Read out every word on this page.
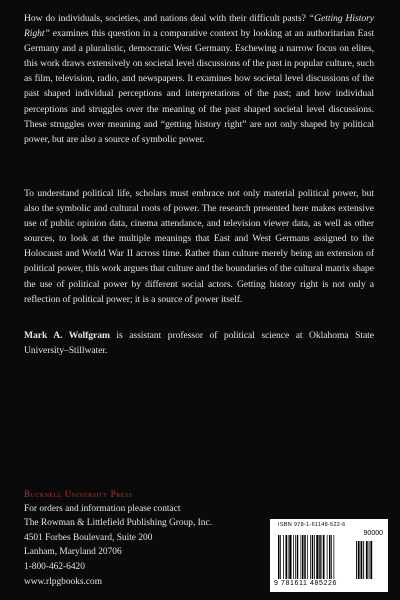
How do individuals, societies, and nations deal with their difficult pasts? “Getting History Right” examines this question in a comparative context by looking at an authoritarian East Germany and a pluralistic, democratic West Germany. Eschewing a narrow focus on elites, this work draws extensively on societal level discussions of the past in popular culture, such as film, television, radio, and newspapers. It examines how societal level discussions of the past shaped individual perceptions and interpretations of the past; and how individual perceptions and struggles over the meaning of the past shaped societal level discussions. These struggles over meaning and “getting history right” are not only shaped by political power, but are also a source of symbolic power.

To understand political life, scholars must embrace not only material political power, but also the symbolic and cultural roots of power. The research presented here makes extensive use of public opinion data, cinema attendance, and television viewer data, as well as other sources, to look at the multiple meanings that East and West Germans assigned to the Holocaust and World War II across time. Rather than culture merely being an extension of political power, this work argues that culture and the boundaries of the cultural matrix shape the use of political power by different social actors. Getting history right is not only a reflection of political power; it is a source of power itself.

Mark A. Wolfgram is assistant professor of political science at Oklahoma State University–Stillwater.

Bucknell University Press
For orders and information please contact
The Rowman & Littlefield Publishing Group, Inc.
4501 Forbes Boulevard, Suite 200
Lanham, Maryland 20706
1-800-462-6420
www.rlpgbooks.com
ISBN 978-1-61148-522-6
90000
9 781611 485226
